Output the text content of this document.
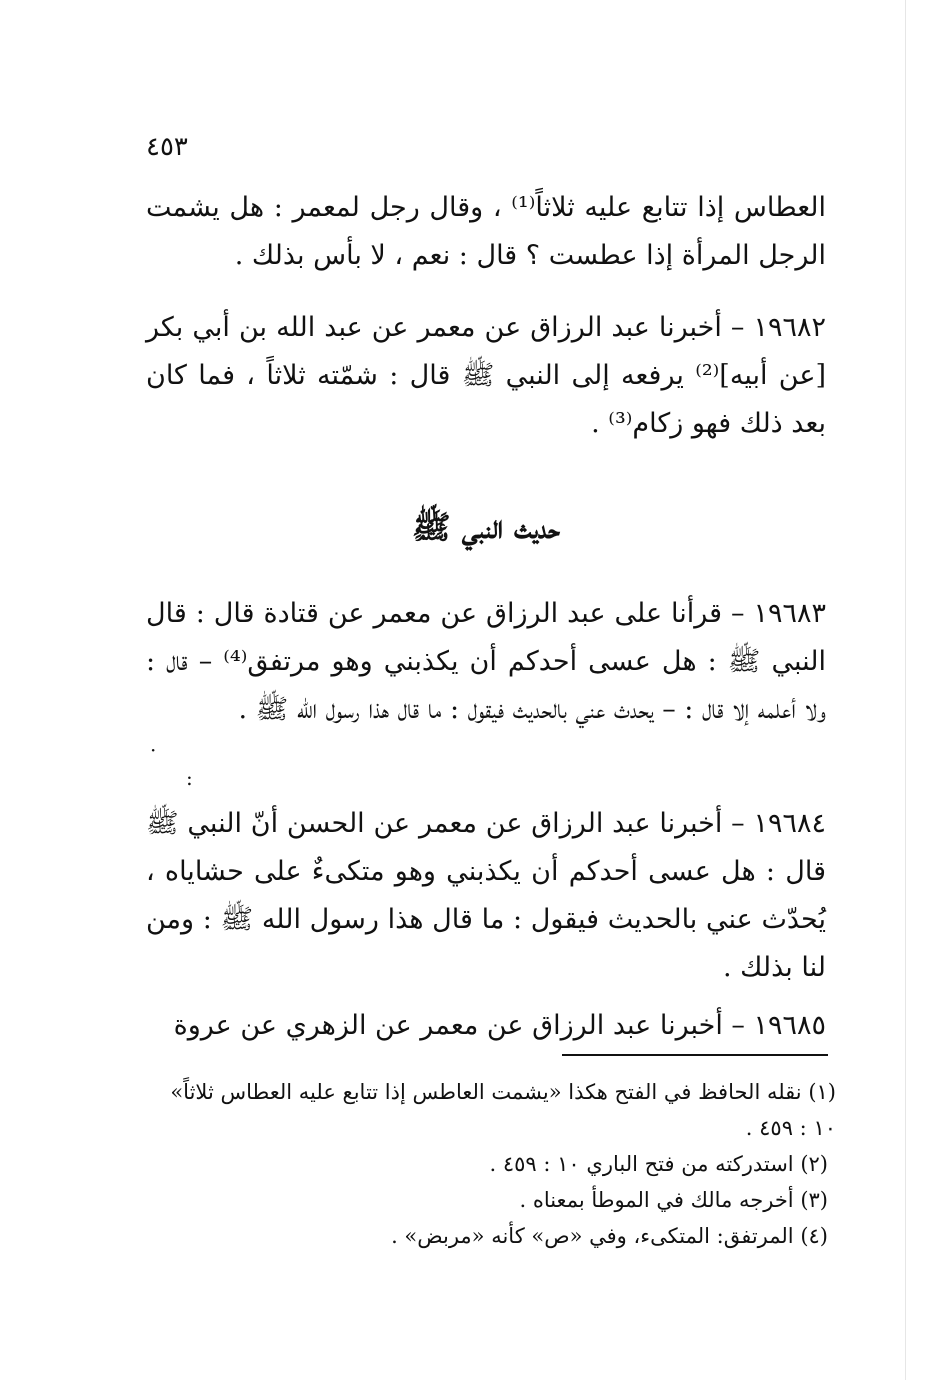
٤٥٣

العطاس إذا تتابع عليه ثلاثاً⁽¹⁾ ، وقال رجل لمعمر : هل يشمت الرجل المرأة إذا عطست ؟ قال : نعم ، لا بأس بذلك .

١٩٦٨٢ – أخبرنا عبد الرزاق عن معمر عن عبد الله بن أبي بكر [عن أبيه]⁽²⁾ يرفعه إلى النبي ﷺ قال : شمّته ثلاثاً ، فما كان بعد ذلك فهو زكام⁽³⁾ .

حديث النبي ﷺ

١٩٦٨٣ – قرأنا على عبد الرزاق عن معمر عن قتادة قال : قال النبي ﷺ : هل عسى أحدكم أن يكذبني وهو مرتفق⁽⁴⁾ – قال : ولا أعلمه إلا قال : – يحدث عني بالحديث فيقول : ما قال هذا رسول الله ﷺ .

·
:

١٩٦٨٤ – أخبرنا عبد الرزاق عن معمر عن الحسن أنّ النبي ﷺ قال : هل عسى أحدكم أن يكذبني وهو متكىءٌ على حشاياه ، يُحدّث عني بالحديث فيقول : ما قال هذا رسول الله ﷺ : ومن لنا بذلك .

١٩٦٨٥ – أخبرنا عبد الرزاق عن معمر عن الزهري عن عروة

(١) نقله الحافظ في الفتح هكذا «يشمت العاطس إذا تتابع عليه العطاس ثلاثاً» ١٠ : ٤٥٩ .

(٢) استدركته من فتح الباري ١٠ : ٤٥٩ .

(٣) أخرجه مالك في الموطأ بمعناه .

(٤) المرتفق: المتكىء، وفي «ص» كأنه «مربض» .
